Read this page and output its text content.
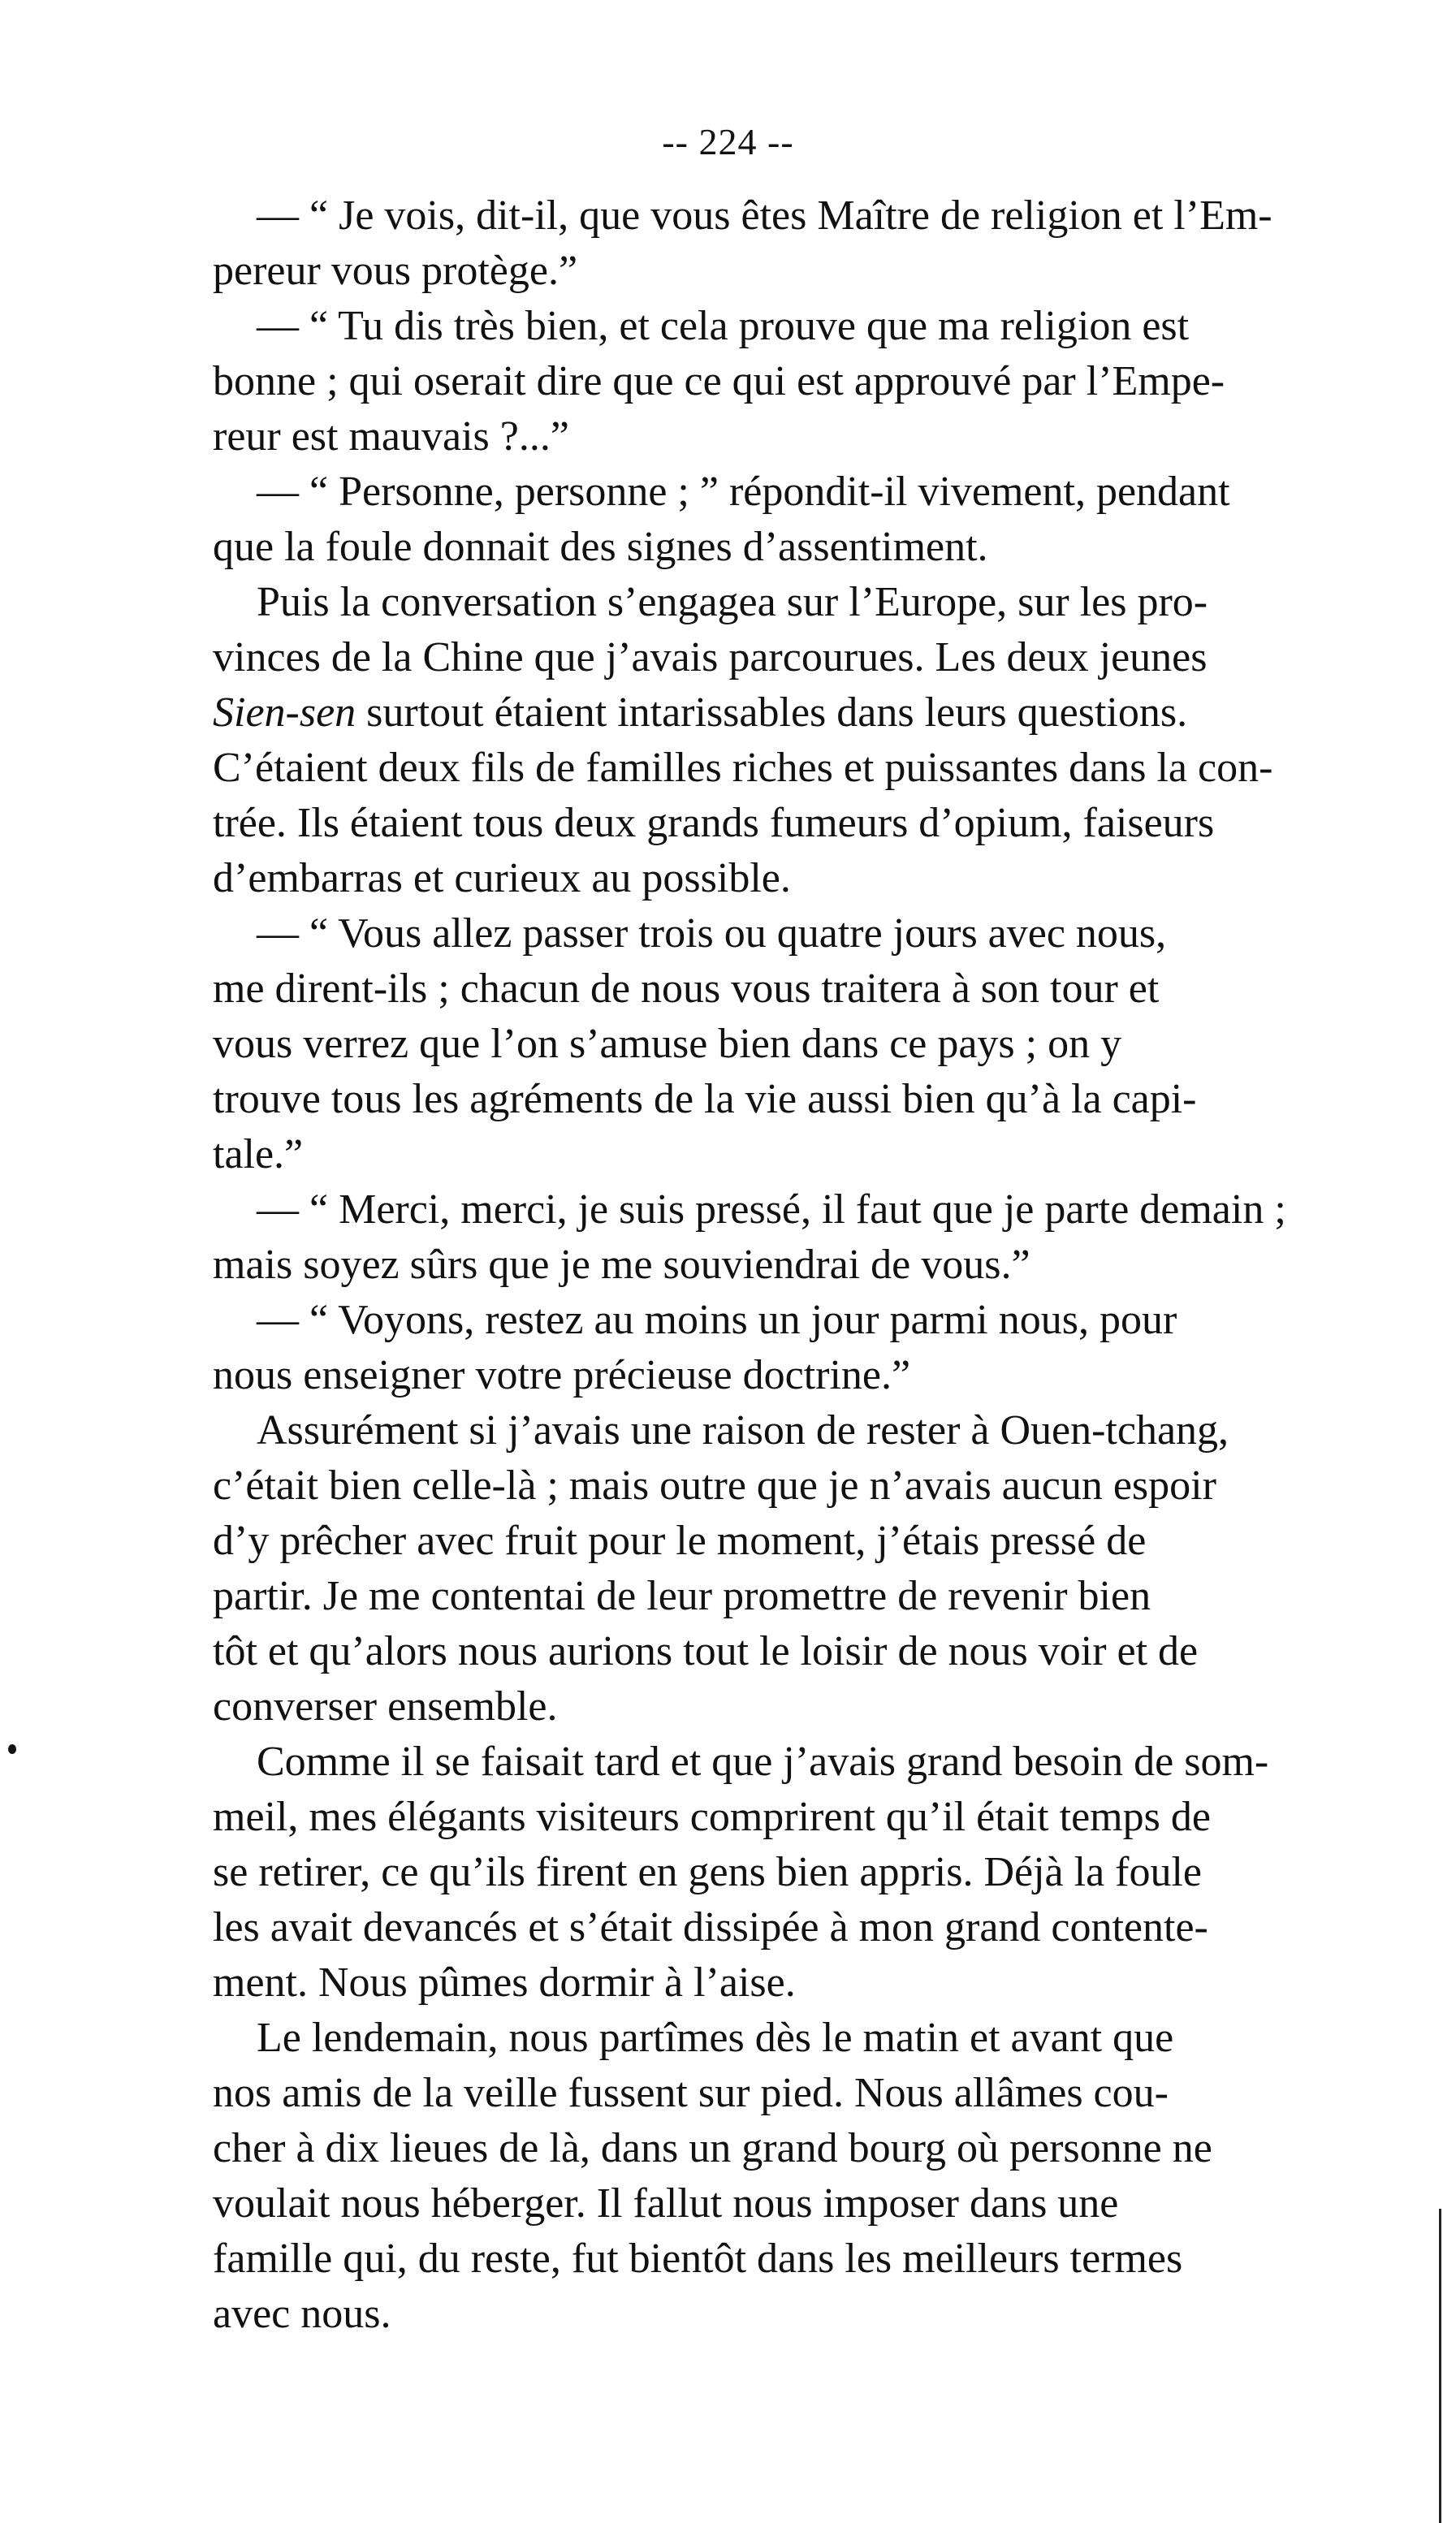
-- 224 --
— “ Je vois, dit-il, que vous êtes Maître de religion et l’Em-
pereur vous protège.”
— “ Tu dis très bien, et cela prouve que ma religion est
bonne ; qui oserait dire que ce qui est approuvé par l’Empe-
reur est mauvais ?...”
— “ Personne, personne ; ” répondit-il vivement, pendant
que la foule donnait des signes d’assentiment.
Puis la conversation s’engagea sur l’Europe, sur les pro-
vinces de la Chine que j’avais parcourues. Les deux jeunes
Sien-sen surtout étaient intarissables dans leurs questions.
C’étaient deux fils de familles riches et puissantes dans la con-
trée. Ils étaient tous deux grands fumeurs d’opium, faiseurs
d’embarras et curieux au possible.
— “ Vous allez passer trois ou quatre jours avec nous,
me dirent-ils ; chacun de nous vous traitera à son tour et
vous verrez que l’on s’amuse bien dans ce pays ; on y
trouve tous les agréments de la vie aussi bien qu’à la capi-
tale.”
— “ Merci, merci, je suis pressé, il faut que je parte demain ;
mais soyez sûrs que je me souviendrai de vous.”
— “ Voyons, restez au moins un jour parmi nous, pour
nous enseigner votre précieuse doctrine.”
Assurément si j’avais une raison de rester à Ouen-tchang,
c’était bien celle-là ; mais outre que je n’avais aucun espoir
d’y prêcher avec fruit pour le moment, j’étais pressé de
partir. Je me contentai de leur promettre de revenir bien
tôt et qu’alors nous aurions tout le loisir de nous voir et de
converser ensemble.
Comme il se faisait tard et que j’avais grand besoin de som-
meil, mes élégants visiteurs comprirent qu’il était temps de
se retirer, ce qu’ils firent en gens bien appris. Déjà la foule
les avait devancés et s’était dissipée à mon grand contente-
ment. Nous pûmes dormir à l’aise.
Le lendemain, nous partîmes dès le matin et avant que
nos amis de la veille fussent sur pied. Nous allâmes cou-
cher à dix lieues de là, dans un grand bourg où personne ne
voulait nous héberger. Il fallut nous imposer dans une
famille qui, du reste, fut bientôt dans les meilleurs termes
avec nous.
